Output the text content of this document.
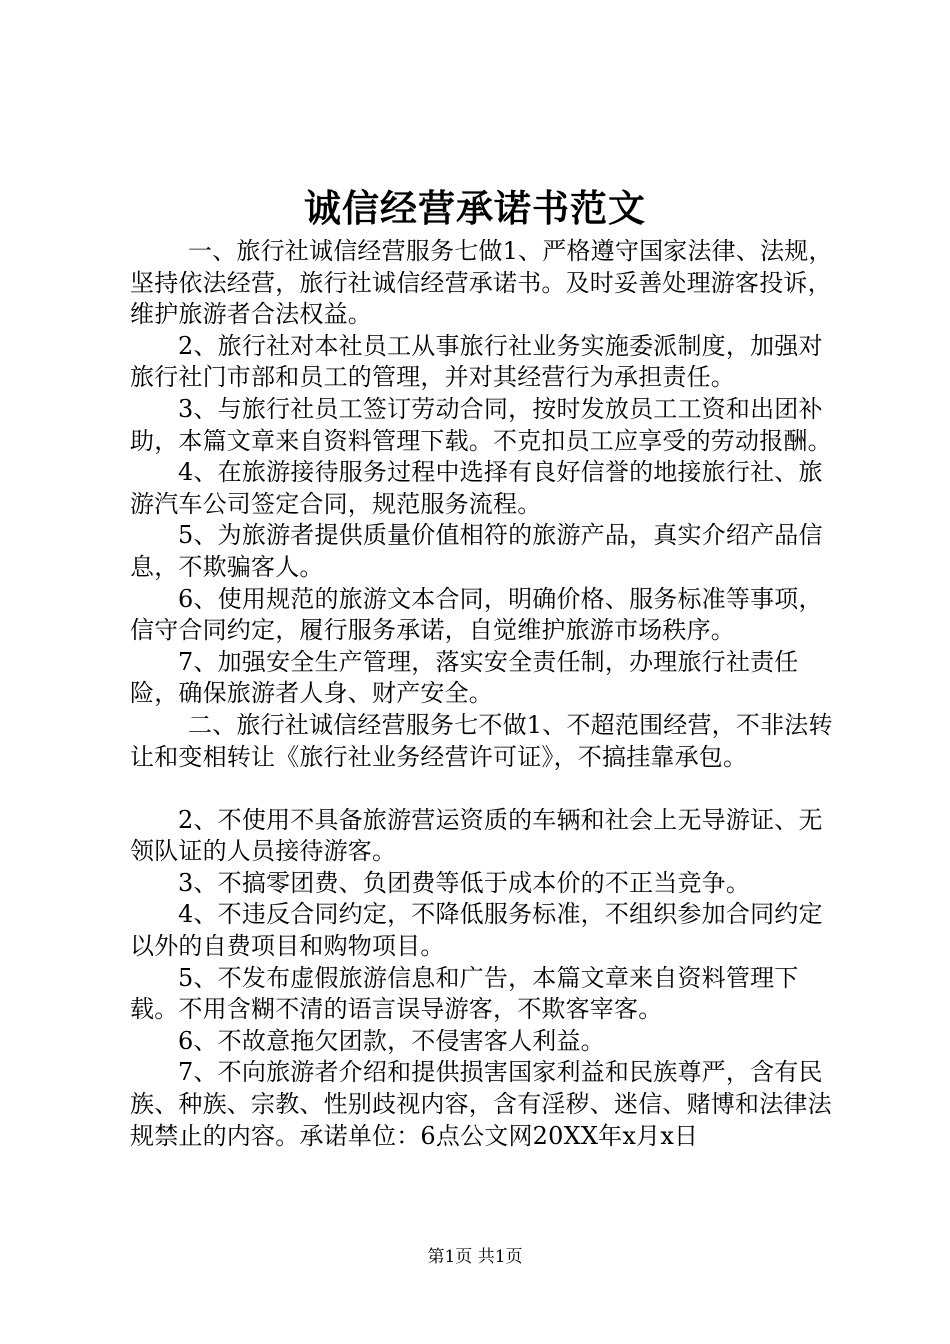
诚信经营承诺书范文

一、旅行社诚信经营服务七做1、严格遵守国家法律、法规，坚持依法经营，旅行社诚信经营承诺书。及时妥善处理游客投诉，维护旅游者合法权益。

2、旅行社对本社员工从事旅行社业务实施委派制度，加强对旅行社门市部和员工的管理，并对其经营行为承担责任。

3、与旅行社员工签订劳动合同，按时发放员工工资和出团补助，本篇文章来自资料管理下载。不克扣员工应享受的劳动报酬。

4、在旅游接待服务过程中选择有良好信誉的地接旅行社、旅游汽车公司签定合同，规范服务流程。

5、为旅游者提供质量价值相符的旅游产品，真实介绍产品信息，不欺骗客人。

6、使用规范的旅游文本合同，明确价格、服务标准等事项，信守合同约定，履行服务承诺，自觉维护旅游市场秩序。

7、加强安全生产管理，落实安全责任制，办理旅行社责任险，确保旅游者人身、财产安全。

二、旅行社诚信经营服务七不做1、不超范围经营，不非法转让和变相转让《旅行社业务经营许可证》，不搞挂靠承包。

2、不使用不具备旅游营运资质的车辆和社会上无导游证、无领队证的人员接待游客。

3、不搞零团费、负团费等低于成本价的不正当竞争。

4、不违反合同约定，不降低服务标准，不组织参加合同约定以外的自费项目和购物项目。

5、不发布虚假旅游信息和广告，本篇文章来自资料管理下载。不用含糊不清的语言误导游客，不欺客宰客。

6、不故意拖欠团款，不侵害客人利益。

7、不向旅游者介绍和提供损害国家利益和民族尊严，含有民族、种族、宗教、性别歧视内容，含有淫秽、迷信、赌博和法律法规禁止的内容。承诺单位：6点公文网20XX年x月x日

第1页 共1页
